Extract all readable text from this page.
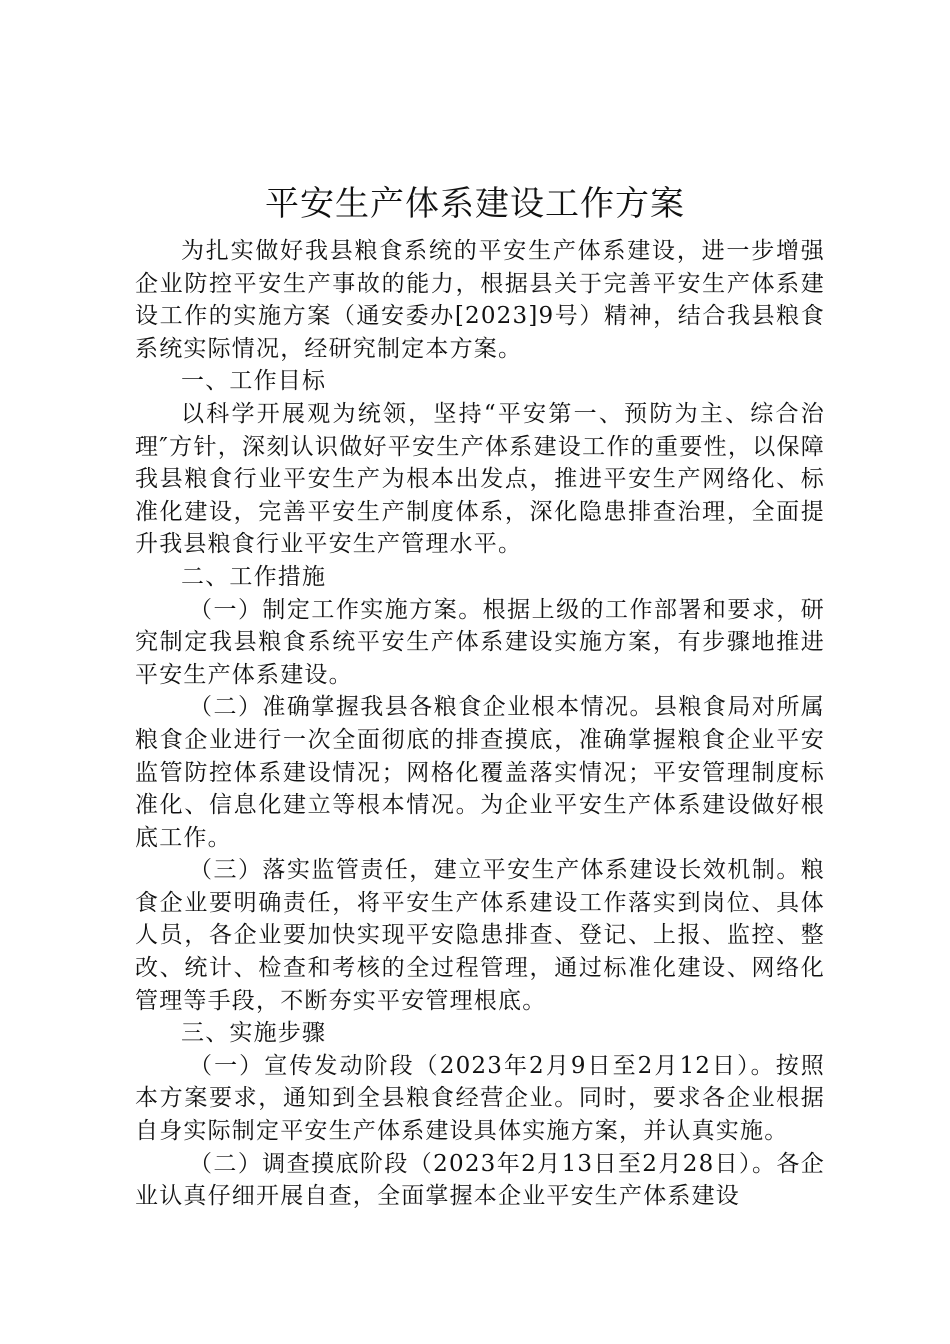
平安生产体系建设工作方案

为扎实做好我县粮食系统的平安生产体系建设，进一步增强企业防控平安生产事故的能力，根据县关于完善平安生产体系建设工作的实施方案（通安委办[2023]9号）精神，结合我县粮食系统实际情况，经研究制定本方案。

一、工作目标

以科学开展观为统领，坚持“平安第一、预防为主、综合治理″方针，深刻认识做好平安生产体系建设工作的重要性，以保障我县粮食行业平安生产为根本出发点，推进平安生产网络化、标准化建设，完善平安生产制度体系，深化隐患排查治理，全面提升我县粮食行业平安生产管理水平。

二、工作措施

（一）制定工作实施方案。根据上级的工作部署和要求，研究制定我县粮食系统平安生产体系建设实施方案，有步骤地推进平安生产体系建设。

（二）准确掌握我县各粮食企业根本情况。县粮食局对所属粮食企业进行一次全面彻底的排查摸底，准确掌握粮食企业平安监管防控体系建设情况；网格化覆盖落实情况；平安管理制度标准化、信息化建立等根本情况。为企业平安生产体系建设做好根底工作。

（三）落实监管责任，建立平安生产体系建设长效机制。粮食企业要明确责任，将平安生产体系建设工作落实到岗位、具体人员，各企业要加快实现平安隐患排查、登记、上报、监控、整改、统计、检查和考核的全过程管理，通过标准化建设、网络化管理等手段，不断夯实平安管理根底。

三、实施步骤

（一）宣传发动阶段（2023年2月9日至2月12日）。按照本方案要求，通知到全县粮食经营企业。同时，要求各企业根据自身实际制定平安生产体系建设具体实施方案，并认真实施。

（二）调查摸底阶段（2023年2月13日至2月28日）。各企业认真仔细开展自查，全面掌握本企业平安生产体系建设
